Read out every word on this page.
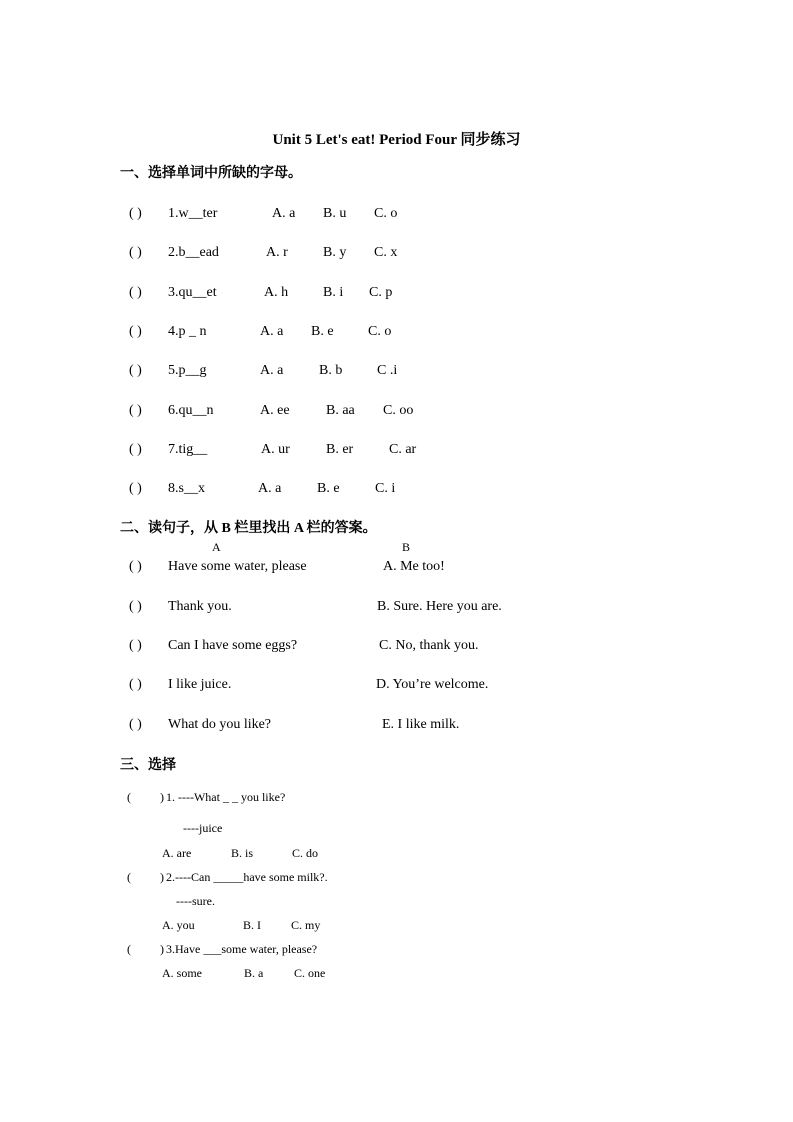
Unit 5 Let's eat! Period Four 同步练习
一、选择单词中所缺的字母。
( ) 1.w__ter	A. a B. u C. o
( ) 2.b__ead	A. r	B. y C. x
( ) 3.qu__et	A. h B. i C. p
( ) 4.p _ n	A. a B. e C. o
( ) 5.p__g	A. a	B. b C .i
( ) 6.qu__n	A. ee	B. aa C. oo
( ) 7.tig__	A. ur	B. er	C. ar
( ) 8.s__x	A. a	B. e	C. i
二、读句子，从 B 栏里找出 A 栏的答案。
A	B
( ) Have some water, please	A. Me too!
( ) Thank you.	B. Sure. Here you are.
( ) Can I have some eggs?	C. No, thank you.
( ) I like juice.	D. You’re welcome.
( ) What do you like?	E. I like milk.
三、选择
( ) 1. ----What _ _ you like?
----juice
A. are	B. is	C. do
( ) 2.----Can _____have some milk?.
----sure.
A. you	B. I	C. my
( ) 3.Have ___some water, please?
A. some	B. a	C. one
